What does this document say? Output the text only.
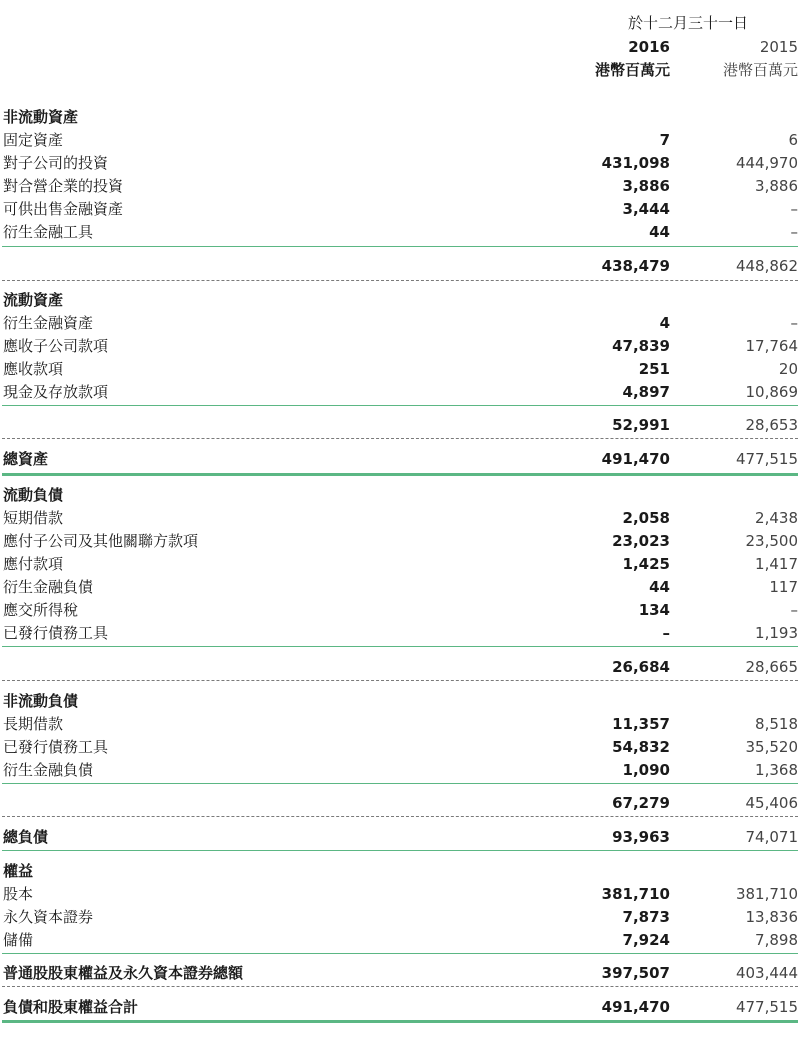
於十二月三十一日
2016	2015
港幣百萬元	港幣百萬元
非流動資產
固定資產	7	6
對子公司的投資	431,098	444,970
對合營企業的投資	3,886	3,886
可供出售金融資產	3,444	–
衍生金融工具	44	–
438,479	448,862
流動資產
衍生金融資產	4	–
應收子公司款項	47,839	17,764
應收款項	251	20
現金及存放款項	4,897	10,869
52,991	28,653
總資產	491,470	477,515
流動負債
短期借款	2,058	2,438
應付子公司及其他關聯方款項	23,023	23,500
應付款項	1,425	1,417
衍生金融負債	44	117
應交所得稅	134	–
已發行債務工具	–	1,193
26,684	28,665
非流動負債
長期借款	11,357	8,518
已發行債務工具	54,832	35,520
衍生金融負債	1,090	1,368
67,279	45,406
總負債	93,963	74,071
權益
股本	381,710	381,710
永久資本證券	7,873	13,836
儲備	7,924	7,898
普通股股東權益及永久資本證券總額	397,507	403,444
負債和股東權益合計	491,470	477,515
